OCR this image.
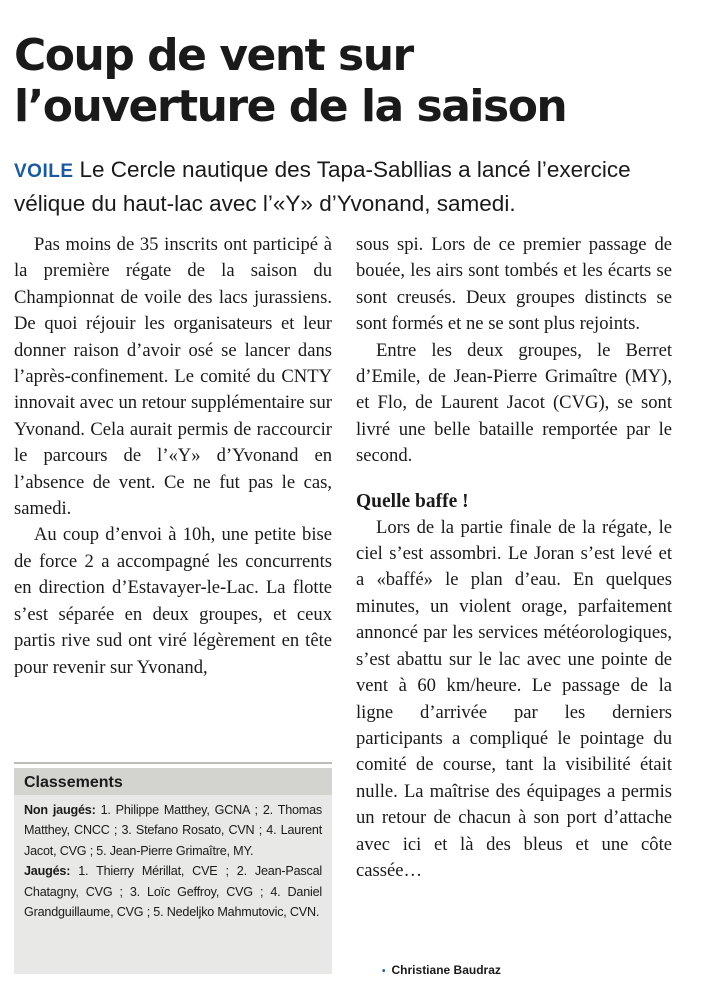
Coup de vent sur
l’ouverture de la saison
VOILE Le Cercle nautique des Tapa-Sabllias a lancé l’exercice
vélique du haut-lac avec l’«Y» d’Yvonand, samedi.

Pas moins de 35 inscrits ont participé à la première régate de la saison du Championnat de voile des lacs jurassiens. De quoi réjouir les organisateurs et leur donner raison d’avoir osé se lancer dans l’après-confinement. Le comité du CNTY innovait avec un retour supplémentaire sur Yvonand. Cela aurait permis de raccourcir le parcours de l’«Y» d’Yvonand en l’absence de vent. Ce ne fut pas le cas, samedi.

Au coup d’envoi à 10h, une petite bise de force 2 a accompagné les concurrents en direction d’Estavayer-le-Lac. La flotte s’est séparée en deux groupes, et ceux partis rive sud ont viré légèrement en tête pour revenir sur Yvonand,

sous spi. Lors de ce premier passage de bouée, les airs sont tombés et les écarts se sont creusés. Deux groupes distincts se sont formés et ne se sont plus rejoints.

Entre les deux groupes, le Berret d’Emile, de Jean-Pierre Grimaître (MY), et Flo, de Laurent Jacot (CVG), se sont livré une belle bataille remportée par le second.

Quelle baffe !

Lors de la partie finale de la régate, le ciel s’est assombri. Le Joran s’est levé et a «baffé» le plan d’eau. En quelques minutes, un violent orage, parfaitement annoncé par les services météorologiques, s’est abattu sur le lac avec une pointe de vent à 60 km/heure. Le passage de la ligne d’arrivée par les derniers participants a compliqué le pointage du comité de course, tant la visibilité était nulle. La maîtrise des équipages a permis un retour de chacun à son port d’attache avec ici et là des bleus et une côte cassée…

Classements

Non jaugés: 1. Philippe Matthey, GCNA ; 2. Thomas Matthey, CNCC ; 3. Stefano Rosato, CVN ; 4. Laurent Jacot, CVG ; 5. Jean-Pierre Grimaître, MY.

Jaugés: 1. Thierry Mérillat, CVE ; 2. Jean-Pascal Chatagny, CVG ; 3. Loïc Geffroy, CVG ; 4. Daniel Grandguillaume, CVG ; 5. Nedeljko Mahmutovic, CVN.

• Christiane Baudraz
